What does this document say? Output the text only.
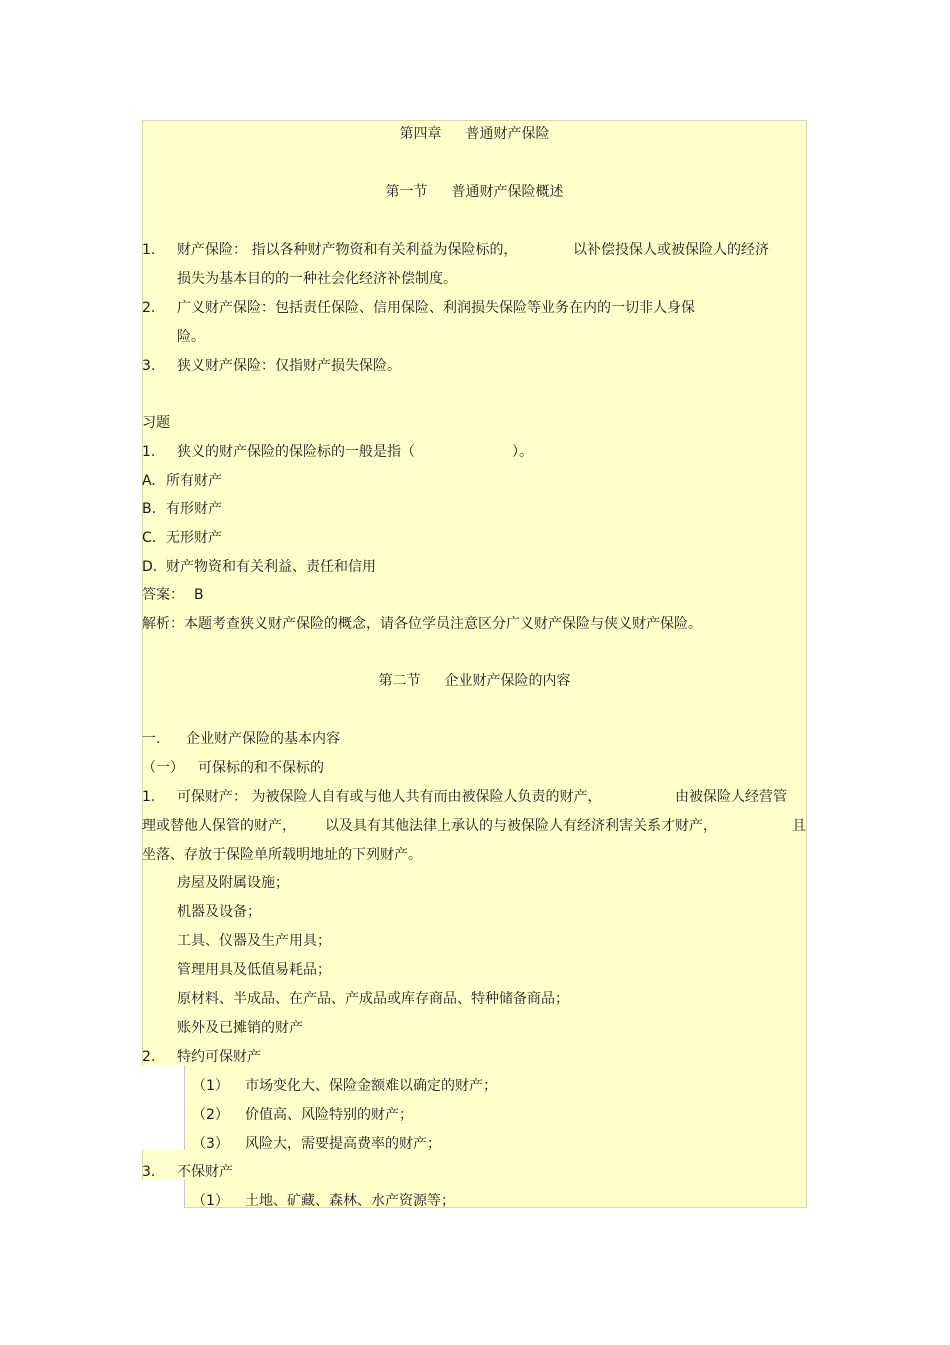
第四章 普通财产保险
第一节 普通财产保险概述
1. 财产保险： 指以各种财产物资和有关利益为保险标的，	以补偿投保人或被保险人的经济
损失为基本目的的一种社会化经济补偿制度。
2. 广义财产保险：包括责任保险、信用保险、利润损失保险等业务在内的一切非人身保
险。
3. 狭义财产保险：仅指财产损失保险。
习题
1. 狭义的财产保险的保险标的一般是指（	）。
A. 所有财产
B. 有形财产
C. 无形财产
D. 财产物资和有关利益、责任和信用
答案： B
解析：本题考查狭义财产保险的概念，请各位学员注意区分广义财产保险与侠义财产保险。
第二节 企业财产保险的内容
一. 企业财产保险的基本内容
（一） 可保标的和不保标的
1. 可保财产： 为被保险人自有或与他人共有而由被保险人负责的财产，	由被保险人经营管
理或替他人保管的财产， 以及具有其他法律上承认的与被保险人有经济利害关系才财产，	且
坐落、存放于保险单所载明地址的下列财产。
房屋及附属设施；
机器及设备；
工具、仪器及生产用具；
管理用具及低值易耗品；
原材料、半成品、在产品、产成品或库存商品、特种储备商品；
账外及已摊销的财产
2. 特约可保财产
（1） 市场变化大、保险金额难以确定的财产；
（2） 价值高、风险特别的财产；
（3） 风险大，需要提高费率的财产；
3. 不保财产
（1） 土地、矿藏、森林、水产资源等；
